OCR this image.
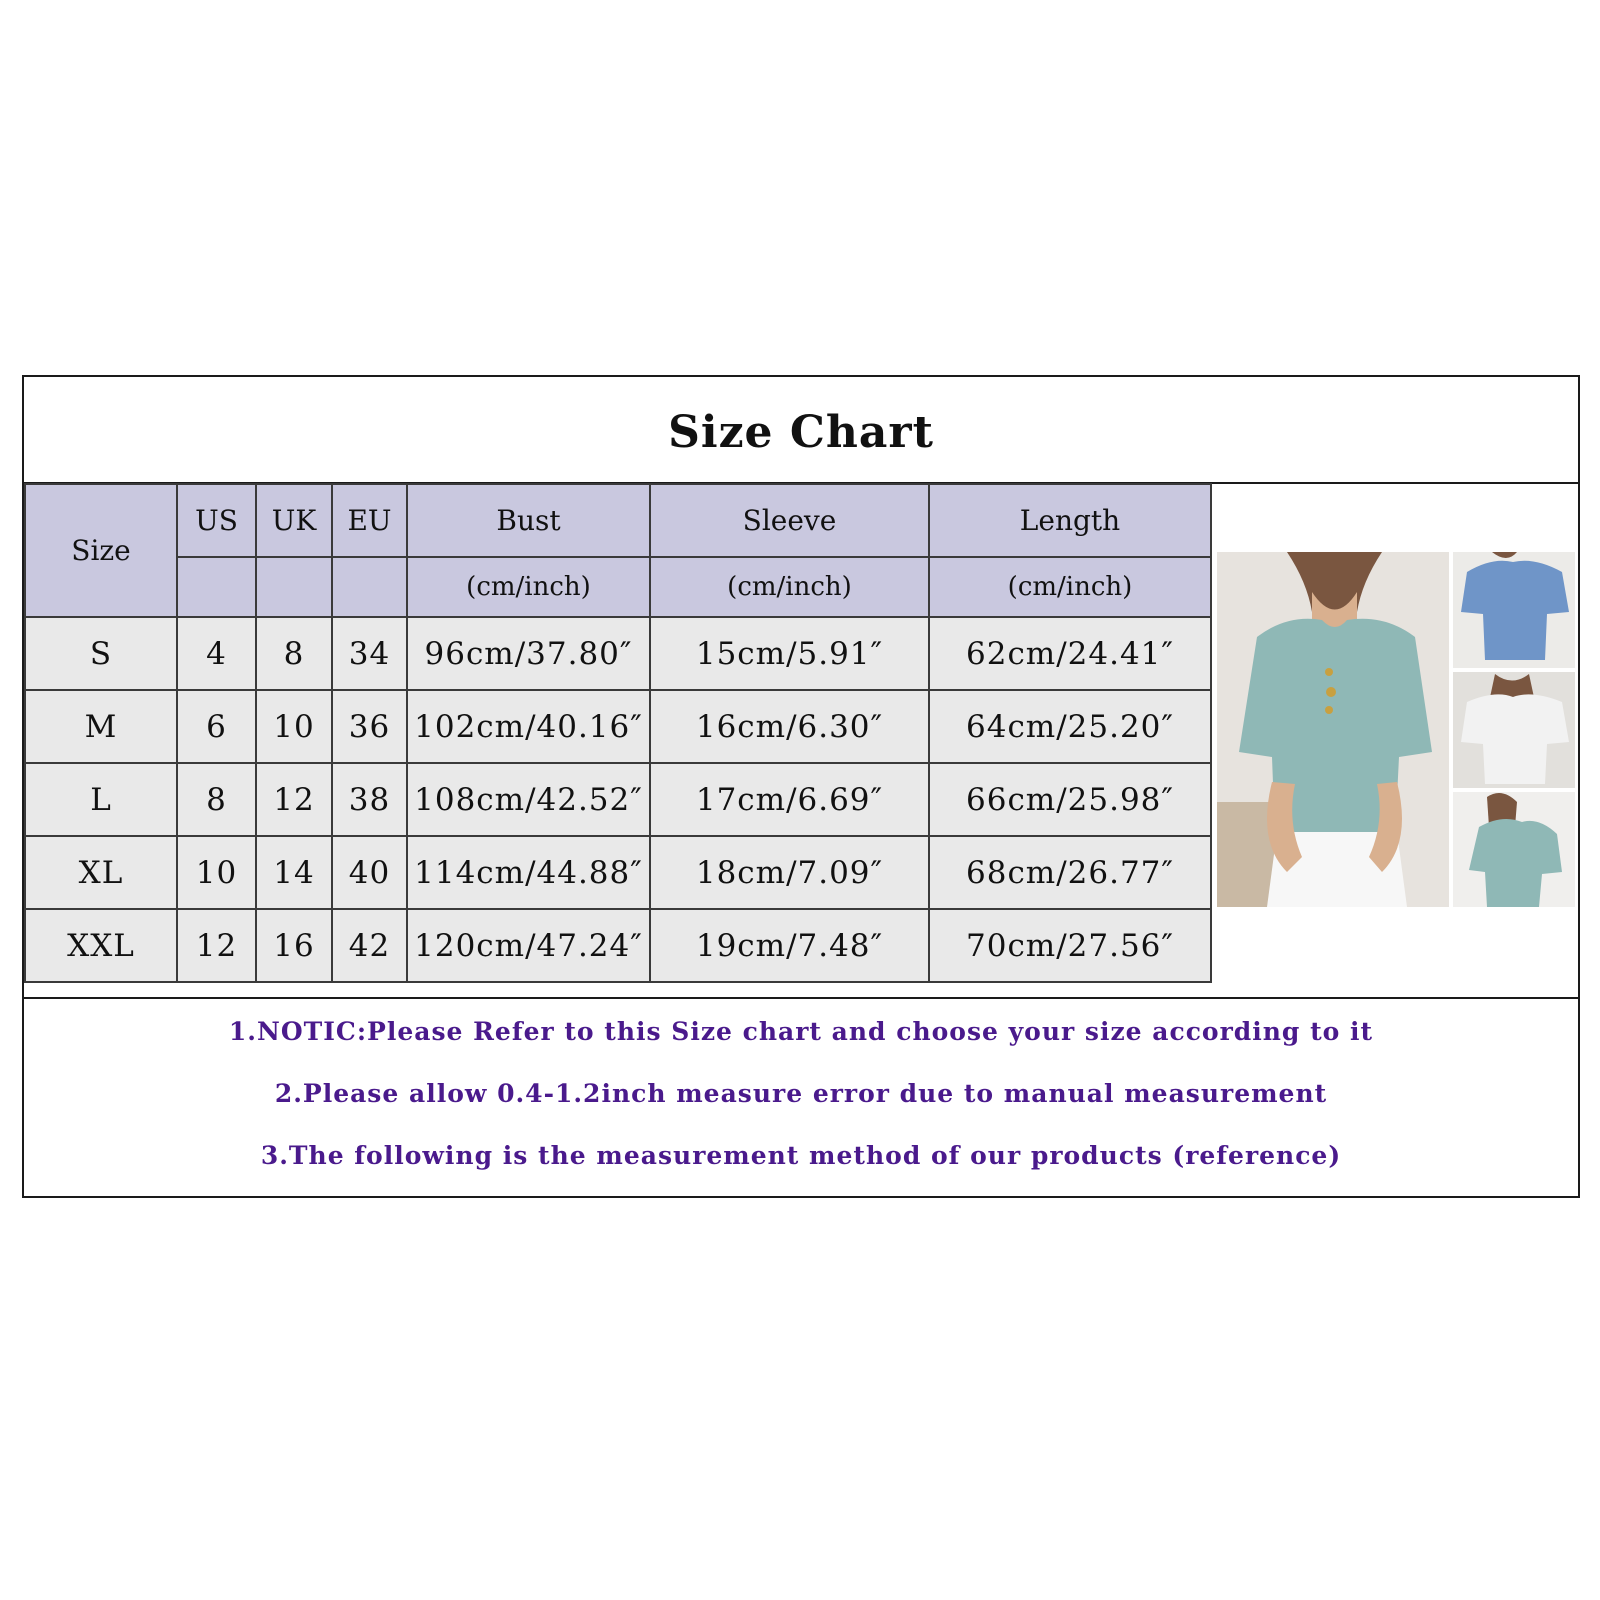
Size Chart
Size	US	UK	EU	Bust	Sleeve	Length
				(cm/inch)	(cm/inch)	(cm/inch)
S	4	8	34	96cm/37.80″	15cm/5.91″	62cm/24.41″
M	6	10	36	102cm/40.16″	16cm/6.30″	64cm/25.20″
L	8	12	38	108cm/42.52″	17cm/6.69″	66cm/25.98″
XL	10	14	40	114cm/44.88″	18cm/7.09″	68cm/26.77″
XXL	12	16	42	120cm/47.24″	19cm/7.48″	70cm/27.56″
1.NOTIC:Please Refer to this Size chart and choose your size according to it
2.Please allow 0.4-1.2inch measure error due to manual measurement
3.The following is the measurement method of our products (reference)
